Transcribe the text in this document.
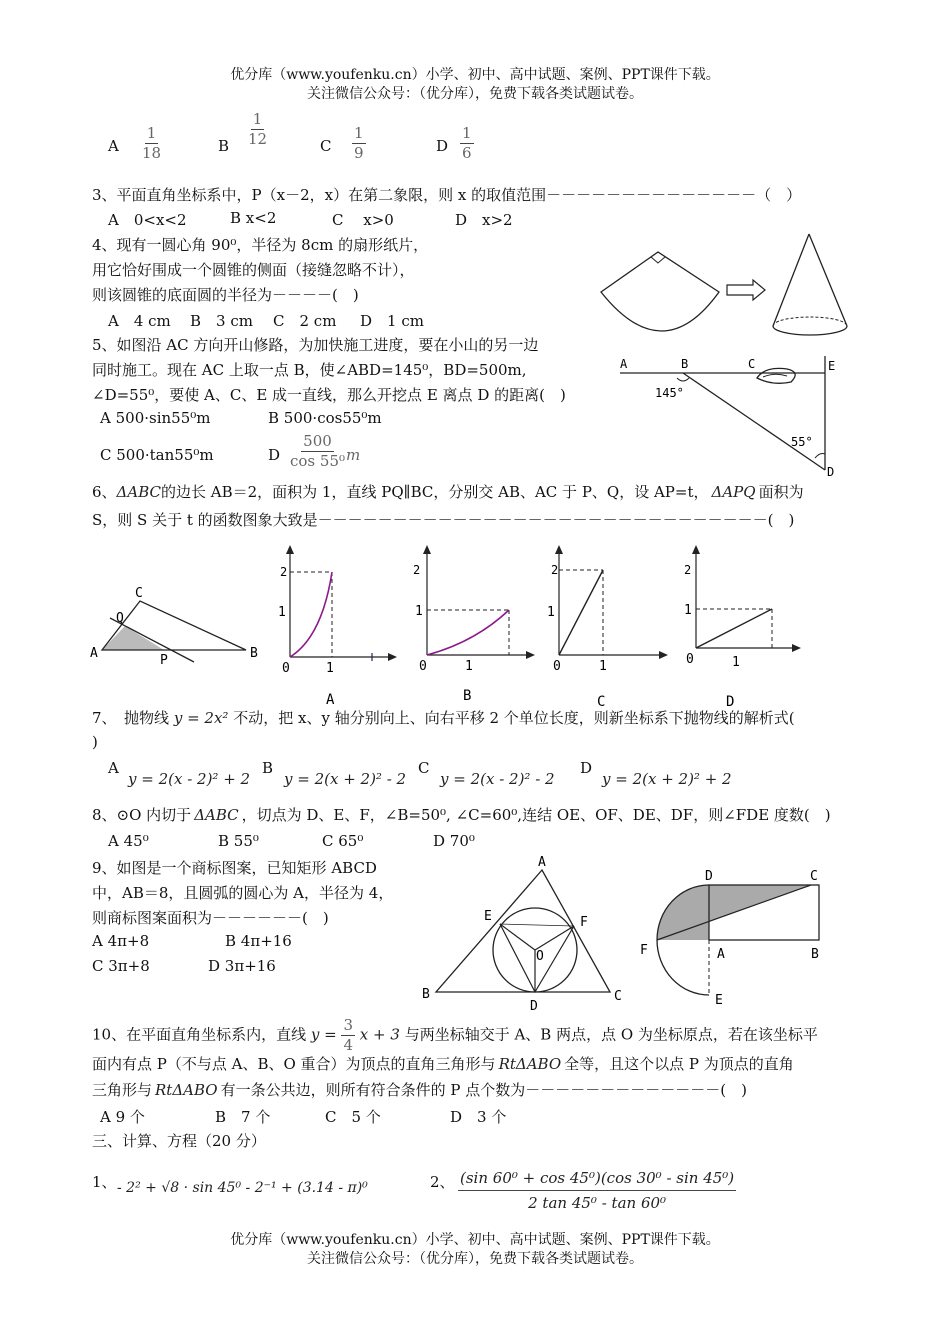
优分库（www.youfenku.cn）小学、初中、高中试题、案例、PPT课件下载。
关注微信公众号：（优分库），免费下载各类试题试卷。
A $\frac{1}{18}$	B $\frac{1}{12}$	C $\frac{1}{9}$	D $\frac{1}{6}$
3、平面直角坐标系中，P（x－2，x）在第二象限，则 x 的取值范围－－－－－－－－－－－－－－（　）
A　0<x<2	B x<2	C　 x>0	D　x>2
4、现有一圆心角 90⁰，半径为 8cm 的扇形纸片，
用它恰好围成一个圆锥的侧面（接缝忽略不计），
则该圆锥的底面圆的半径为－－－－(　)
A　4 cm B　3 cm C　2 cm D　1 cm
5、如图沿 AC 方向开山修路，为加快施工进度，要在小山的另一边
同时施工。现在 AC 上取一点 B，使∠ABD=145⁰，BD=500m,
∠D=55⁰，要使 A、C、E 成一直线，那么开挖点 E 离点 D 的距离(　)
A 500·sin55⁰m	B 500·cos55⁰m
C 500·tan55⁰m	D $\frac{500}{\text{cos 55⁰}}$ m
A	B	C	E
D
145°
55°
6、ΔABC的边长 AB＝2，面积为 1，直线 PQ∥BC，分别交 AB、AC 于 P、Q，设 AP=t， ΔAPQ 面积为
S，则 S 关于 t 的函数图象大致是－－－－－－－－－－－－－－－－－－－－－－－－－－－－－－(　)
A	B
C
Q
P
2
1
0	1
A
2
1
0	1
B
2
1
0	1
C
2
1
0	1
D
7、　抛物线 y = 2x² 不动，把 x、y 轴分别向上、向右平移 2 个单位长度，则新坐标系下抛物线的解析式(
)
A
y = 2(x - 2)² + 2
B
y = 2(x + 2)² - 2
C
y = 2(x - 2)² - 2
D
y = 2(x + 2)² + 2
8、⊙O 内切于 ΔABC ，切点为 D、E、F，∠B=50⁰, ∠C=60⁰,连结 OE、OF、DE、DF，则∠FDE 度数(　)
A 45⁰	B 55⁰	C 65⁰	D 70⁰
9、如图是一个商标图案，已知矩形 ABCD
中，AB＝8，且圆弧的圆心为 A，半径为 4，
则商标图案面积为－－－－－－(　)
A 4π+8	B 4π+16
C 3π+8	D 3π+16
A
B	C
D
E	F
O
D	C
F	A	B
E
10、在平面直角坐标系内，直线 $y = \frac{3}{4}$ x + 3 与两坐标轴交于 A、B 两点，点 O 为坐标原点，若在该坐标平
面内有点 P（不与点 A、B、O 重合）为顶点的直角三角形与 RtΔABO 全等，且这个以点 P 为顶点的直角
三角形与 RtΔABO 有一条公共边，则所有符合条件的 P 点个数为－－－－－－－－－－－－－(　)
A 9 个	B　7 个	C　5 个	D　3 个
三、计算、方程（20 分）
1、 - 2² + √8 · sin 45⁰ - 2⁻¹ + (3.14 - π)⁰	2、 $\frac{\text{(sin 60⁰ + cos 45⁰)(cos 30⁰ - sin 45⁰)}}{\text{2 tan 45⁰ - tan 60⁰}}$
优分库（www.youfenku.cn）小学、初中、高中试题、案例、PPT课件下载。
关注微信公众号：（优分库），免费下载各类试题试卷。
